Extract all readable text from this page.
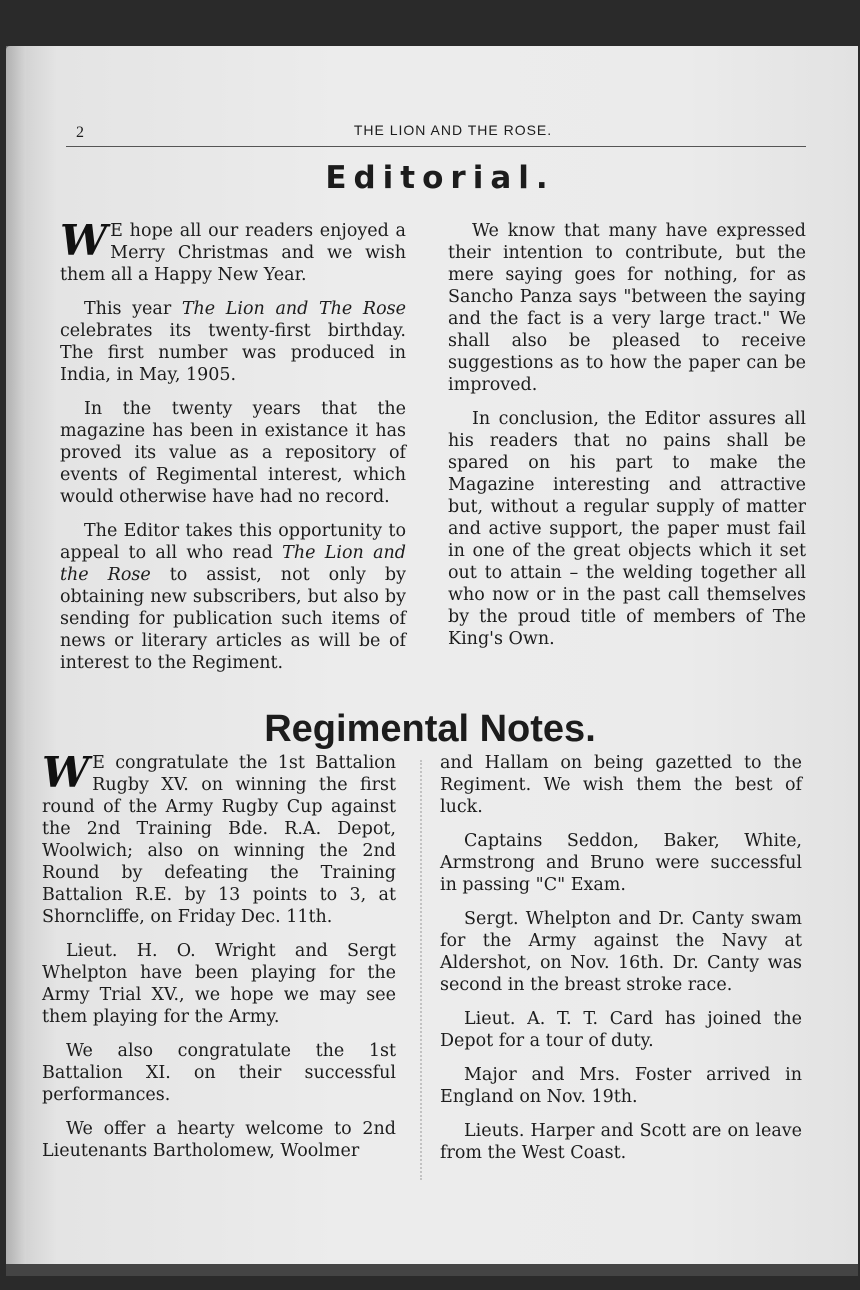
2	THE LION AND THE ROSE.
Editorial.

W E hope all our readers enjoyed a Merry Christmas and we wish them all a Happy New Year.

This year The Lion and The Rose celebrates its twenty-first birthday. The first number was produced in India, in May, 1905.

In the twenty years that the magazine has been in existance it has proved its value as a repository of events of Regimental interest, which would otherwise have had no record.

The Editor takes this opportunity to appeal to all who read The Lion and the Rose to assist, not only by obtaining new subscribers, but also by sending for publication such items of news or literary articles as will be of interest to the Regiment.

We know that many have expressed their intention to contribute, but the mere saying goes for nothing, for as Sancho Panza says "between the saying and the fact is a very large tract." We shall also be pleased to receive suggestions as to how the paper can be improved.

In conclusion, the Editor assures all his readers that no pains shall be spared on his part to make the Magazine interesting and attractive but, without a regular supply of matter and active support, the paper must fail in one of the great objects which it set out to attain – the welding together all who now or in the past call themselves by the proud title of members of The King's Own.

Regimental Notes.

W E congratulate the 1st Battalion Rugby XV. on winning the first round of the Army Rugby Cup against the 2nd Training Bde. R.A. Depot, Woolwich; also on winning the 2nd Round by defeating the Training Battalion R.E. by 13 points to 3, at Shorncliffe, on Friday Dec. 11th.

Lieut. H. O. Wright and Sergt Whelpton have been playing for the Army Trial XV., we hope we may see them playing for the Army.

We also congratulate the 1st Battalion XI. on their successful performances.

We offer a hearty welcome to 2nd Lieutenants Bartholomew, Woolmer

and Hallam on being gazetted to the Regiment. We wish them the best of luck.

Captains Seddon, Baker, White, Armstrong and Bruno were successful in passing "C" Exam.

Sergt. Whelpton and Dr. Canty swam for the Army against the Navy at Aldershot, on Nov. 16th. Dr. Canty was second in the breast stroke race.

Lieut. A. T. T. Card has joined the Depot for a tour of duty.

Major and Mrs. Foster arrived in England on Nov. 19th.

Lieuts. Harper and Scott are on leave from the West Coast.
